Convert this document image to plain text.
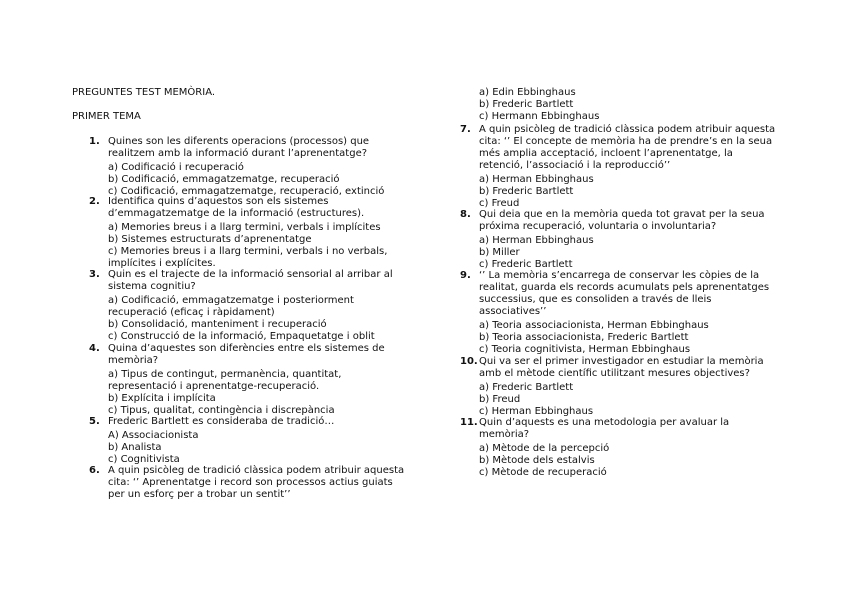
PREGUNTES TEST MEMÒRIA.
PRIMER TEMA
1. Quines son les diferents operacions (processos) que
realitzem amb la informació durant l’aprenentatge?
a) Codificació i recuperació
b) Codificació, emmagatzematge, recuperació
c) Codificació, emmagatzematge, recuperació, extinció
2. Identifica quins d’aquestos son els sistemes
d’emmagatzematge de la informació (estructures).
a) Memories breus i a llarg termini, verbals i implícites
b) Sistemes estructurats d’aprenentatge
c) Memories breus i a llarg termini, verbals i no verbals,
implícites i explícites.
3. Quin es el trajecte de la informació sensorial al arribar al
sistema cognitiu?
a) Codificació, emmagatzematge i posteriorment
recuperació (eficaç i ràpidament)
b) Consolidació, manteniment i recuperació
c) Construcció de la informació, Empaquetatge i oblit
4. Quina d’aquestes son diferències entre els sistemes de
memòria?
a) Tipus de contingut, permanència, quantitat,
representació i aprenentatge-recuperació.
b) Explícita i implícita
c) Tipus, qualitat, contingència i discrepància
5. Frederic Bartlett es consideraba de tradició…
A) Associacionista
b) Analista
c) Cognitivista
a) Edin Ebbinghaus
b) Frederic Bartlett
c) Hermann Ebbinghaus
6. A quin psicòleg de tradició clàssica podem atribuir aquesta
cita: ‘’ Aprenentatge i record son processos actius guiats
per un esforç per a trobar un sentit’’
7. A quin psicòleg de tradició clàssica podem atribuir aquesta
cita: ‘’ El concepte de memòria ha de prendre’s en la seua
més amplia acceptació, incloent l’aprenentatge, la
retenció, l’associació i la reproducció’’
a) Herman Ebbinghaus
b) Frederic Bartlett
c) Freud
8. Qui deia que en la memòria queda tot gravat per la seua
próxima recuperació, voluntaria o involuntaria?
a) Herman Ebbinghaus
b) Miller
c) Frederic Bartlett
9. ‘’ La memòria s’encarrega de conservar les còpies de la
realitat, guarda els records acumulats pels aprenentatges
successius, que es consoliden a través de lleis
associatives’’
a) Teoria associacionista, Herman Ebbinghaus
b) Teoria associacionista, Frederic Bartlett
c) Teoria cognitivista, Herman Ebbinghaus
10. Qui va ser el primer investigador en estudiar la memòria
amb el mètode científic utilitzant mesures objectives?
a) Frederic Bartlett
b) Freud
c) Herman Ebbinghaus
11. Quin d’aquests es una metodologia per avaluar la
memòria?
a) Mètode de la percepció
b) Mètode dels estalvis
c) Mètode de recuperació
